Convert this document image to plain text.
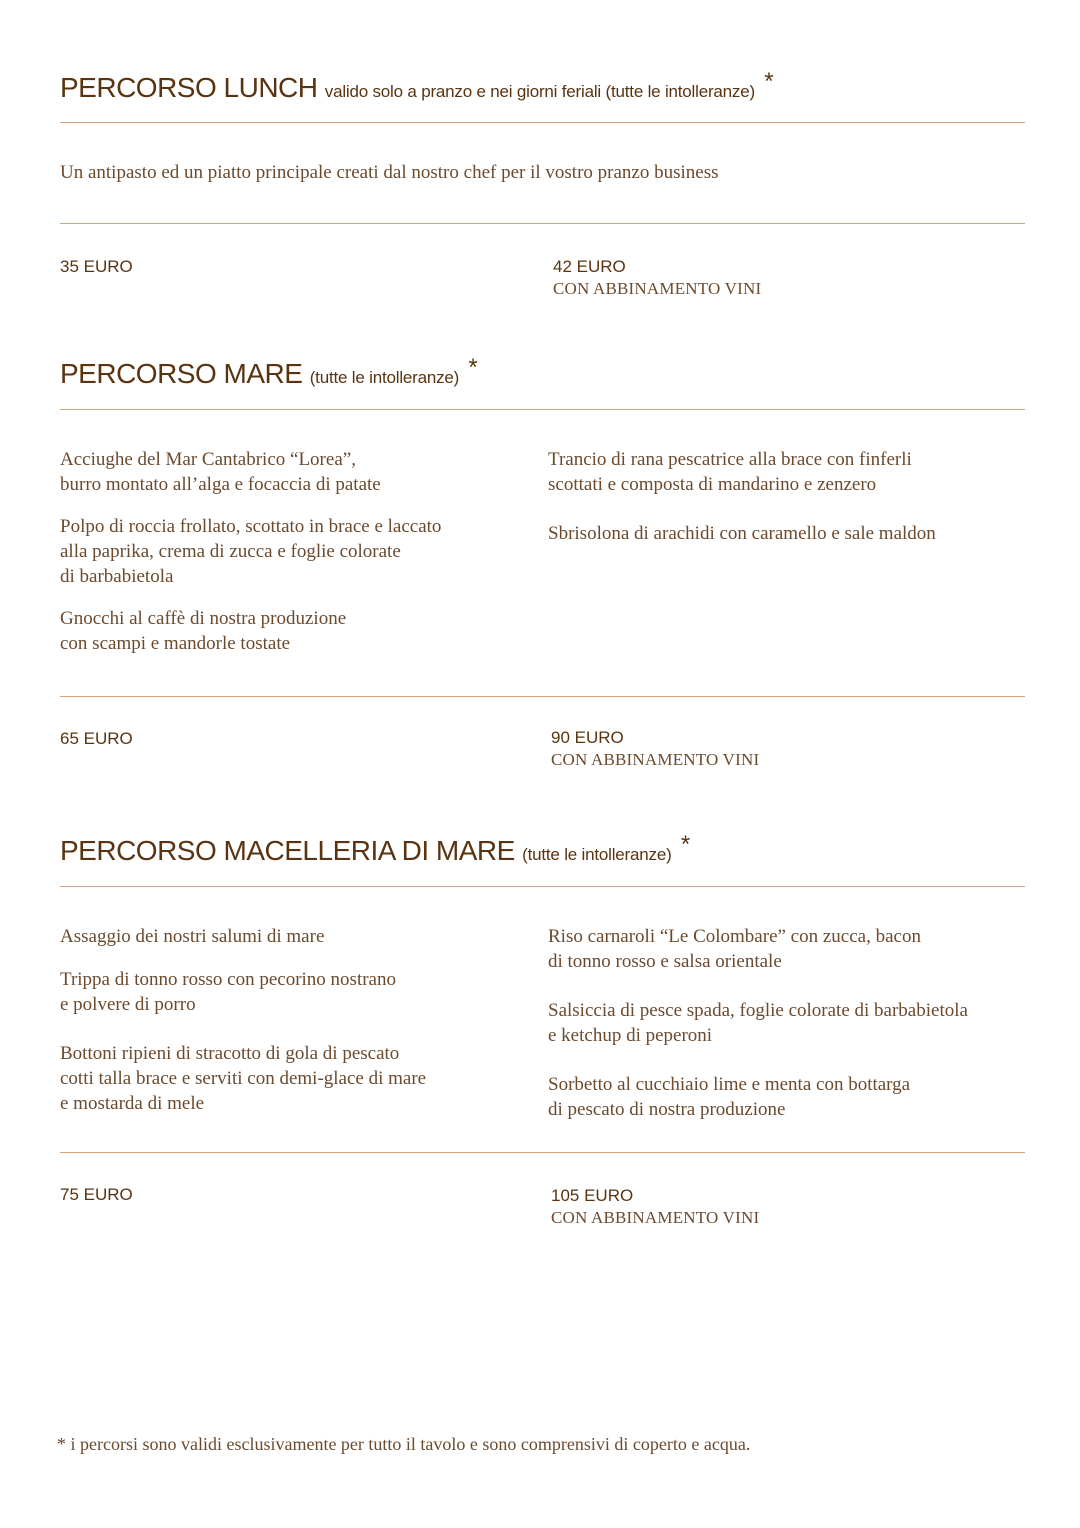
PERCORSO LUNCH valido solo a pranzo e nei giorni feriali (tutte le intolleranze) *

Un antipasto ed un piatto principale creati dal nostro chef per il vostro pranzo business

35 EURO	42 EURO

CON ABBINAMENTO VINI

PERCORSO MARE (tutte le intolleranze) *

Acciughe del Mar Cantabrico “Lorea”,
burro montato all’alga e focaccia di patate

Polpo di roccia frollato, scottato in brace e laccato
alla paprika, crema di zucca e foglie colorate
di barbabietola

Gnocchi al caffè di nostra produzione
con scampi e mandorle tostate

Trancio di rana pescatrice alla brace con finferli
scottati e composta di mandarino e zenzero

Sbrisolona di arachidi con caramello e sale maldon

65 EURO	90 EURO

CON ABBINAMENTO VINI

PERCORSO MACELLERIA DI MARE (tutte le intolleranze) *

Assaggio dei nostri salumi di mare

Trippa di tonno rosso con pecorino nostrano
e polvere di porro

Bottoni ripieni di stracotto di gola di pescato
cotti talla brace e serviti con demi-glace di mare
e mostarda di mele

Riso carnaroli “Le Colombare” con zucca, bacon
di tonno rosso e salsa orientale

Salsiccia di pesce spada, foglie colorate di barbabietola
e ketchup di peperoni

Sorbetto al cucchiaio lime e menta con bottarga
di pescato di nostra produzione

75 EURO	105 EURO

CON ABBINAMENTO VINI

* i percorsi sono validi esclusivamente per tutto il tavolo e sono comprensivi di coperto e acqua.
